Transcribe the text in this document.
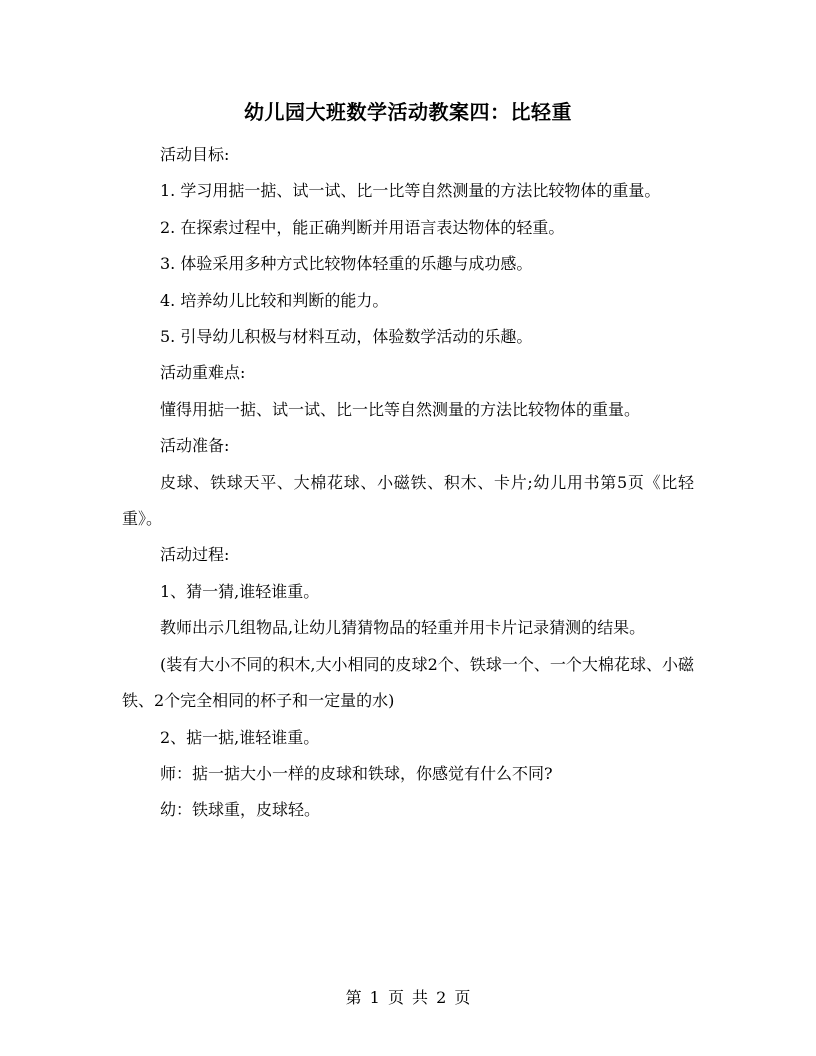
幼儿园大班数学活动教案四：比轻重

活动目标:

1. 学习用掂一掂、试一试、比一比等自然测量的方法比较物体的重量。

2. 在探索过程中，能正确判断并用语言表达物体的轻重。

3. 体验采用多种方式比较物体轻重的乐趣与成功感。

4. 培养幼儿比较和判断的能力。

5. 引导幼儿积极与材料互动，体验数学活动的乐趣。

活动重难点:

懂得用掂一掂、试一试、比一比等自然测量的方法比较物体的重量。

活动准备:

皮球、铁球天平、大棉花球、小磁铁、积木、卡片;幼儿用书第5页《比轻重》。

活动过程:

1、猜一猜,谁轻谁重。

教师出示几组物品,让幼儿猜猜物品的轻重并用卡片记录猜测的结果。

(装有大小不同的积木,大小相同的皮球2个、铁球一个、一个大棉花球、小磁铁、2个完全相同的杯子和一定量的水)

2、掂一掂,谁轻谁重。

师：掂一掂大小一样的皮球和铁球，你感觉有什么不同?

幼：铁球重，皮球轻。

第 1 页 共 2 页
